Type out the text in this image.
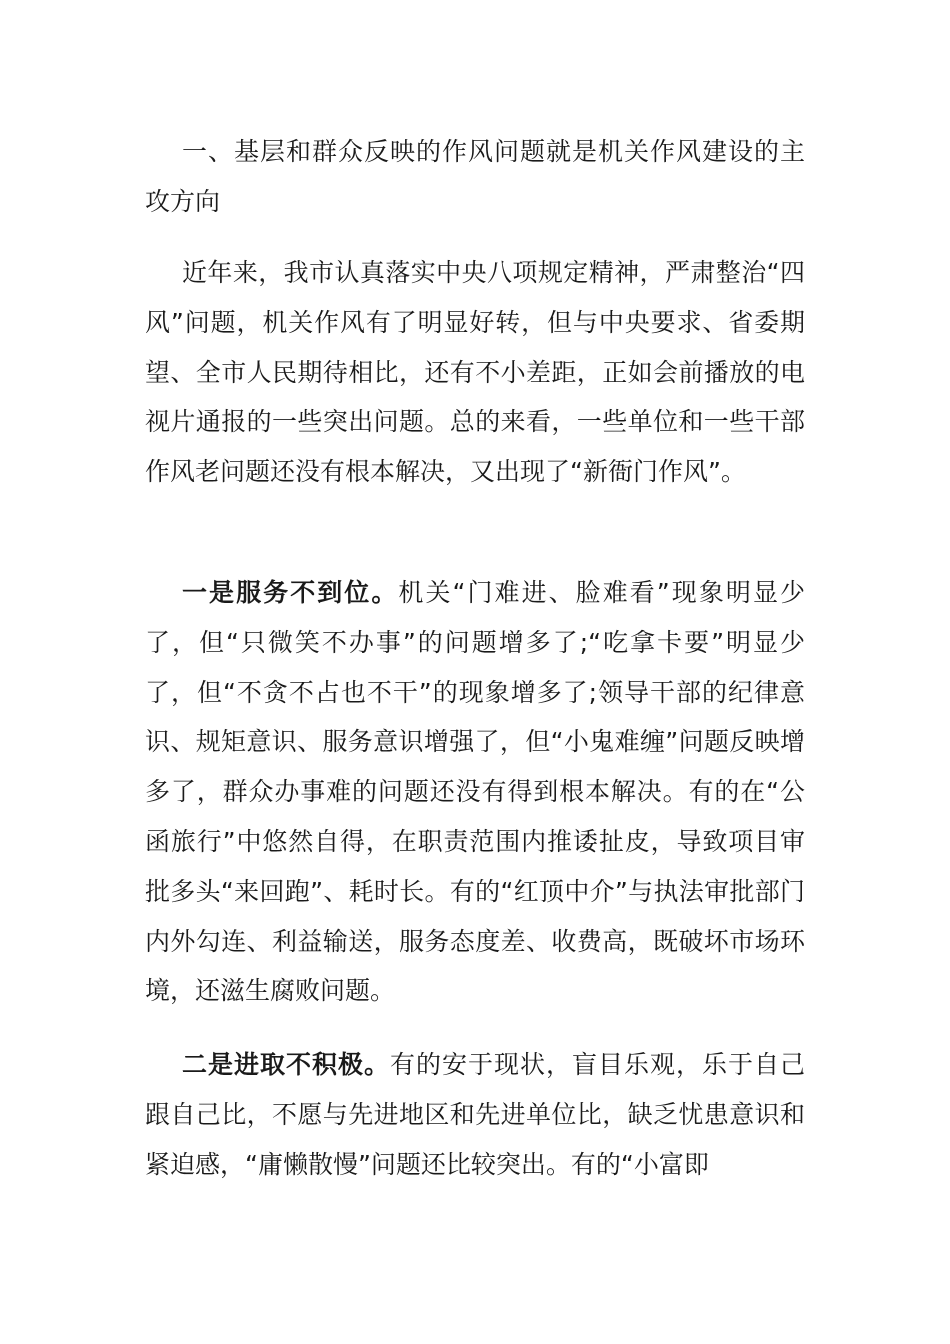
一、基层和群众反映的作风问题就是机关作风建设的主攻方向

近年来，我市认真落实中央八项规定精神，严肃整治“四风”问题，机关作风有了明显好转，但与中央要求、省委期望、全市人民期待相比，还有不小差距，正如会前播放的电视片通报的一些突出问题。总的来看，一些单位和一些干部作风老问题还没有根本解决，又出现了“新衙门作风”。

一是服务不到位。机关“门难进、脸难看”现象明显少了，但“只微笑不办事”的问题增多了;“吃拿卡要”明显少了，但“不贪不占也不干”的现象增多了;领导干部的纪律意识、规矩意识、服务意识增强了，但“小鬼难缠”问题反映增多了，群众办事难的问题还没有得到根本解决。有的在“公函旅行”中悠然自得，在职责范围内推诿扯皮，导致项目审批多头“来回跑”、耗时长。有的“红顶中介”与执法审批部门内外勾连、利益输送，服务态度差、收费高，既破坏市场环境，还滋生腐败问题。

二是进取不积极。有的安于现状，盲目乐观，乐于自己跟自己比，不愿与先进地区和先进单位比，缺乏忧患意识和紧迫感，“庸懒散慢”问题还比较突出。有的“小富即
